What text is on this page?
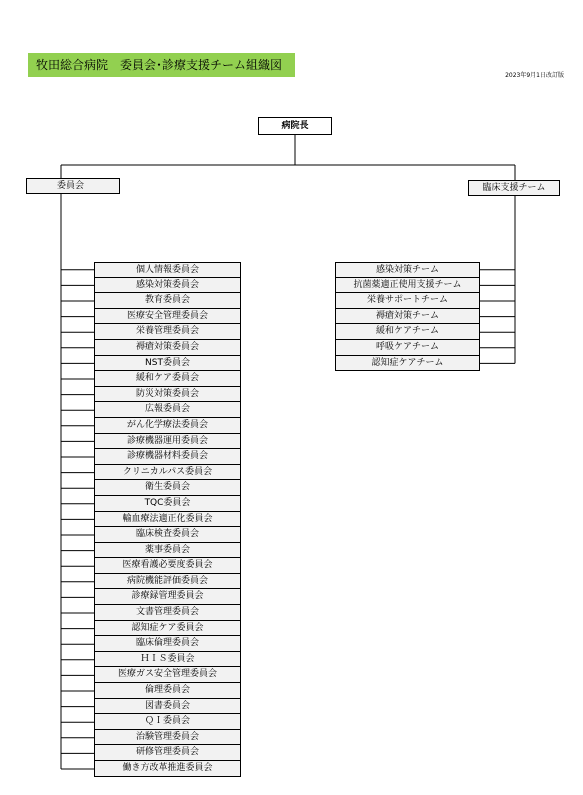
牧田総合病院　委員会･診療支援チーム組織図
2023年9月1日改訂版
病院長
委員会	臨床支援チーム
個人情報委員会
感染対策委員会
教育委員会
医療安全管理委員会
栄養管理委員会
褥瘡対策委員会
NST委員会
緩和ケア委員会
防災対策委員会
広報委員会
がん化学療法委員会
診療機器運用委員会
診療機器材料委員会
クリニカルパス委員会
衛生委員会
TQC委員会
輸血療法適正化委員会
臨床検査委員会
薬事委員会
医療看護必要度委員会
病院機能評価委員会
診療録管理委員会
文書管理委員会
認知症ケア委員会
臨床倫理委員会
ＨＩＳ委員会
医療ガス安全管理委員会
倫理委員会
図書委員会
ＱＩ委員会
治験管理委員会
研修管理委員会
働き方改革推進委員会
感染対策チーム
抗菌薬適正使用支援チーム
栄養サポートチーム
褥瘡対策チーム
緩和ケアチーム
呼吸ケアチーム
認知症ケアチーム
